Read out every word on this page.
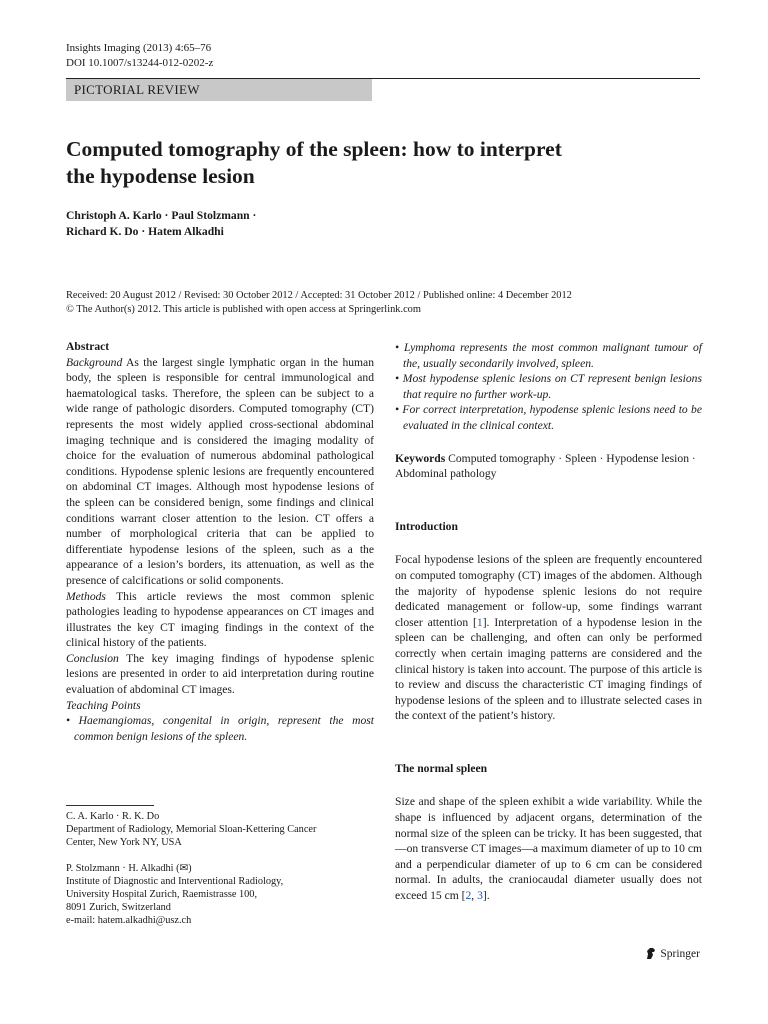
Insights Imaging (2013) 4:65–76
DOI 10.1007/s13244-012-0202-z
PICTORIAL REVIEW
Computed tomography of the spleen: how to interpret
the hypodense lesion
Christoph A. Karlo · Paul Stolzmann ·
Richard K. Do · Hatem Alkadhi
Received: 20 August 2012 / Revised: 30 October 2012 / Accepted: 31 October 2012 / Published online: 4 December 2012
© The Author(s) 2012. This article is published with open access at Springerlink.com

Abstract

Background As the largest single lymphatic organ in the human body, the spleen is responsible for central immunological and haematological tasks. Therefore, the spleen can be subject to a wide range of pathologic disorders. Computed tomography (CT) represents the most widely applied cross-sectional abdominal imaging technique and is considered the imaging modality of choice for the evaluation of numerous abdominal pathological conditions. Hypodense splenic lesions are frequently encountered on abdominal CT images. Although most hypodense lesions of the spleen can be considered benign, some findings and clinical conditions warrant closer attention to the lesion. CT offers a number of morphological criteria that can be applied to differentiate hypodense lesions of the spleen, such as a the appearance of a lesion’s borders, its attenuation, as well as the presence of calcifications or solid components.

Methods This article reviews the most common splenic pathologies leading to hypodense appearances on CT images and illustrates the key CT imaging findings in the context of the clinical history of the patients.

Conclusion The key imaging findings of hypodense splenic lesions are presented in order to aid interpretation during routine evaluation of abdominal CT images.

Teaching Points

• Haemangiomas, congenital in origin, represent the most common benign lesions of the spleen.

C. A. Karlo · R. K. Do

Department of Radiology, Memorial Sloan-Kettering Cancer

Center, New York NY, USA

P. Stolzmann · H. Alkadhi (✉)

Institute of Diagnostic and Interventional Radiology,

University Hospital Zurich, Raemistrasse 100,

8091 Zurich, Switzerland

e-mail: hatem.alkadhi@usz.ch

• Lymphoma represents the most common malignant tumour of the, usually secondarily involved, spleen.

• Most hypodense splenic lesions on CT represent benign lesions that require no further work-up.

• For correct interpretation, hypodense splenic lesions need to be evaluated in the clinical context.

Keywords Computed tomography · Spleen · Hypodense lesion · Abdominal pathology

Introduction

Focal hypodense lesions of the spleen are frequently encountered on computed tomography (CT) images of the abdomen. Although the majority of hypodense splenic lesions do not require dedicated management or follow-up, some findings warrant closer attention [1]. Interpretation of a hypodense lesion in the spleen can be challenging, and often can only be performed correctly when certain imaging patterns are considered and the clinical history is taken into account. The purpose of this article is to review and discuss the characteristic CT imaging findings of hypodense lesions of the spleen and to illustrate selected cases in the context of the patient’s history.

The normal spleen

Size and shape of the spleen exhibit a wide variability. While the shape is influenced by adjacent organs, determination of the normal size of the spleen can be tricky. It has been suggested, that—on transverse CT images—a maximum diameter of up to 10 cm and a perpendicular diameter of up to 6 cm can be considered normal. In adults, the craniocaudal diameter usually does not exceed 15 cm [2, 3].

Springer
